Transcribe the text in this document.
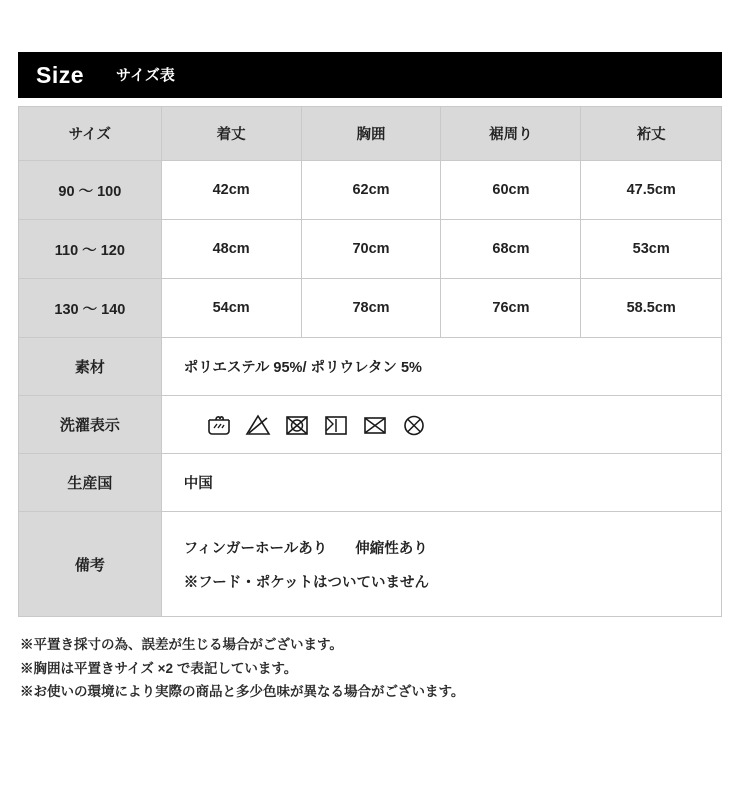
Size サイズ表
サイズ	着丈	胸囲	裾周り	裄丈
90 〜 100	42cm	62cm	60cm	47.5cm
110 〜 120	48cm	70cm	68cm	53cm
130 〜 140	54cm	78cm	76cm	58.5cm
素材	ポリエステル 95%/ ポリウレタン 5%			
洗濯表示	

生産国	中国			
備考	フィンガーホールあり 伸縮性あり
※フード・ポケットはついていません			
※平置き採寸の為、誤差が生じる場合がございます。
※胸囲は平置きサイズ ×2 で表記しています。
※お使いの環境により実際の商品と多少色味が異なる場合がございます。
